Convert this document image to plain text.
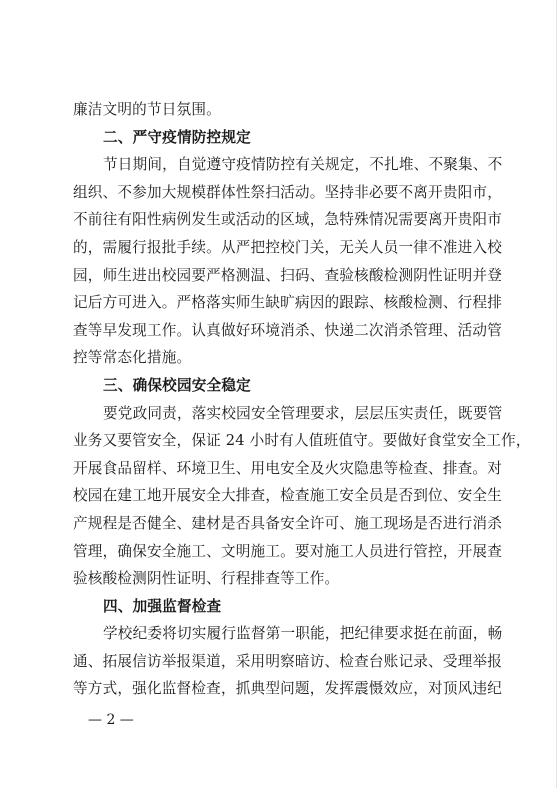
廉洁文明的节日氛围。
二、严守疫情防控规定
节日期间，自觉遵守疫情防控有关规定，不扎堆、不聚集、不
组织、不参加大规模群体性祭扫活动。坚持非必要不离开贵阳市，
不前往有阳性病例发生或活动的区域，急特殊情况需要离开贵阳市
的，需履行报批手续。从严把控校门关，无关人员一律不准进入校
园，师生进出校园要严格测温、扫码、查验核酸检测阴性证明并登
记后方可进入。严格落实师生缺旷病因的跟踪、核酸检测、行程排
查等早发现工作。认真做好环境消杀、快递二次消杀管理、活动管
控等常态化措施。
三、确保校园安全稳定
要党政同责，落实校园安全管理要求，层层压实责任，既要管
业务又要管安全，保证 24 小时有人值班值守。要做好食堂安全工作，
开展食品留样、环境卫生、用电安全及火灾隐患等检查、排查。对
校园在建工地开展安全大排查，检查施工安全员是否到位、安全生
产规程是否健全、建材是否具备安全许可、施工现场是否进行消杀
管理，确保安全施工、文明施工。要对施工人员进行管控，开展查
验核酸检测阴性证明、行程排查等工作。
四、加强监督检查
学校纪委将切实履行监督第一职能，把纪律要求挺在前面，畅
通、拓展信访举报渠道，采用明察暗访、检查台账记录、受理举报
等方式，强化监督检查，抓典型问题，发挥震慑效应，对顶风违纪
— 2 —
